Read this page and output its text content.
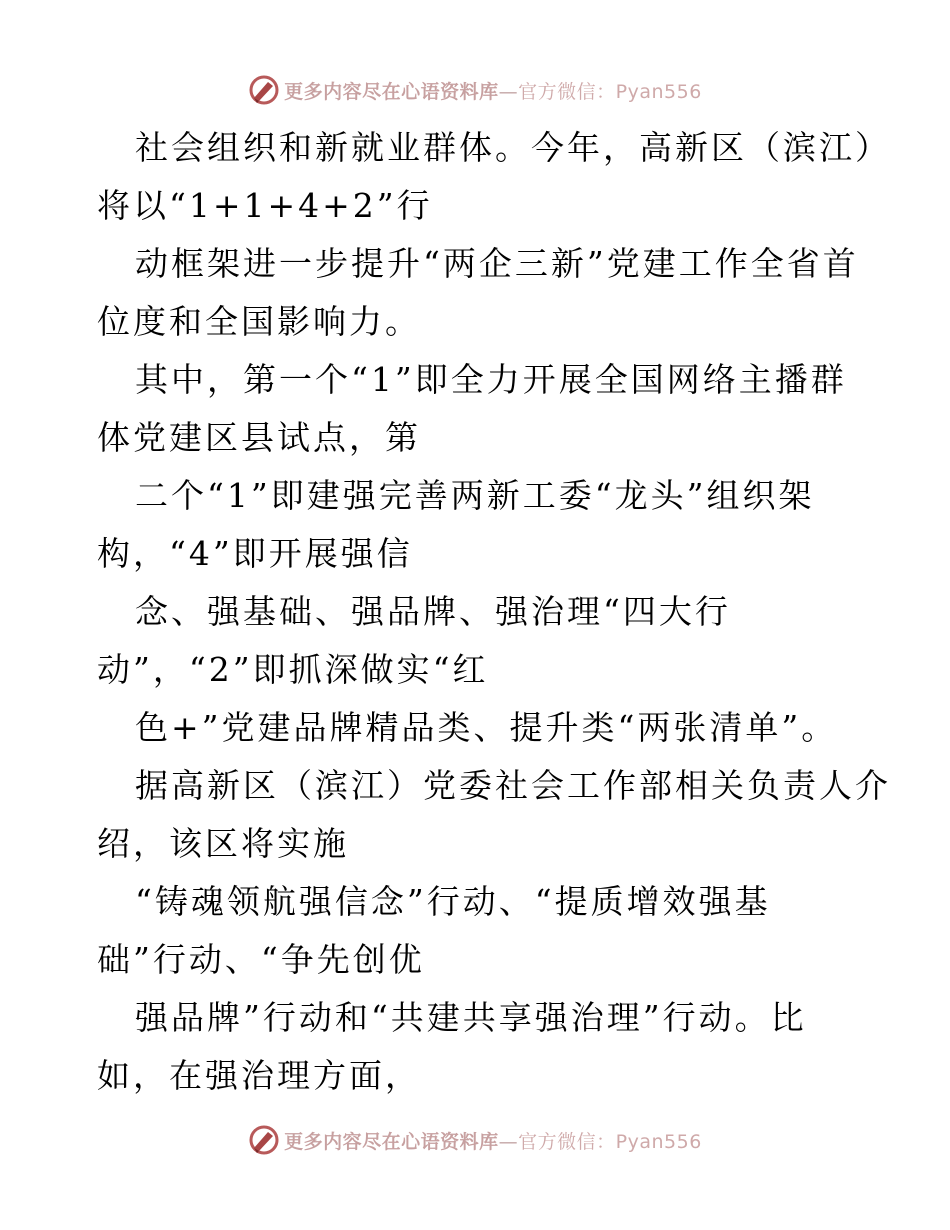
更多内容尽在心语资料库—官方微信：Pyan556
社会组织和新就业群体。今年，高新区（滨江）
将以“1+1+4+2”行
动框架进一步提升“两企三新”党建工作全省首
位度和全国影响力。
其中，第一个“1”即全力开展全国网络主播群
体党建区县试点，第
二个“1”即建强完善两新工委“龙头”组织架
构，“4”即开展强信
念、强基础、强品牌、强治理“四大行
动”，“2”即抓深做实“红
色+”党建品牌精品类、提升类“两张清单”。
据高新区（滨江）党委社会工作部相关负责人介
绍，该区将实施
“铸魂领航强信念”行动、“提质增效强基
础”行动、“争先创优
强品牌”行动和“共建共享强治理”行动。比
如，在强治理方面，
更多内容尽在心语资料库—官方微信：Pyan556
